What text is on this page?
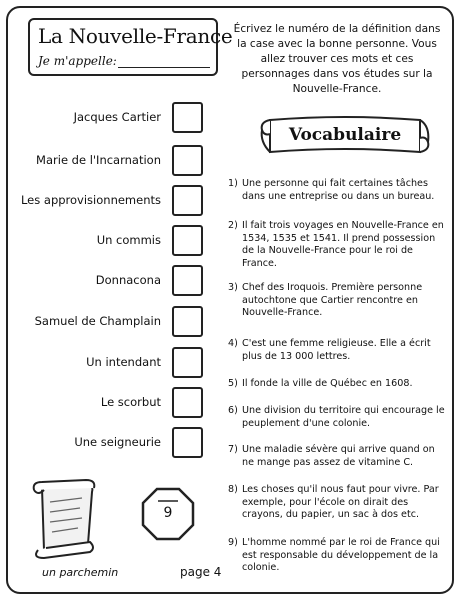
La Nouvelle-France
Je m'appelle:
Écrivez le numéro de la définition dans la case avec la bonne personne. Vous allez trouver ces mots et ces personnages dans vos études sur la Nouvelle-France.
Jacques Cartier
Marie de l'Incarnation
Les approvisionnements
Un commis
Donnacona
Samuel de Champlain
Un intendant
Le scorbut
Une seigneurie
Vocabulaire
1) Une personne qui fait certaines tâches dans une entreprise ou dans un bureau.
2) Il fait trois voyages en Nouvelle-France en 1534, 1535 et 1541. Il prend possession de la Nouvelle-France pour le roi de France.
3) Chef des Iroquois. Première personne autochtone que Cartier rencontre en Nouvelle-France.
4) C'est une femme religieuse. Elle a écrit plus de 13 000 lettres.
5) Il fonde la ville de Québec en 1608.
6) Une division du territoire qui encourage le peuplement d'une colonie.
7) Une maladie sévère qui arrive quand on ne mange pas assez de vitamine C.
8) Les choses qu'il nous faut pour vivre. Par exemple, pour l'école on dirait des crayons, du papier, un sac à dos etc.
9) L'homme nommé par le roi de France qui est responsable du développement de la colonie.
un parchemin
9
page 4
